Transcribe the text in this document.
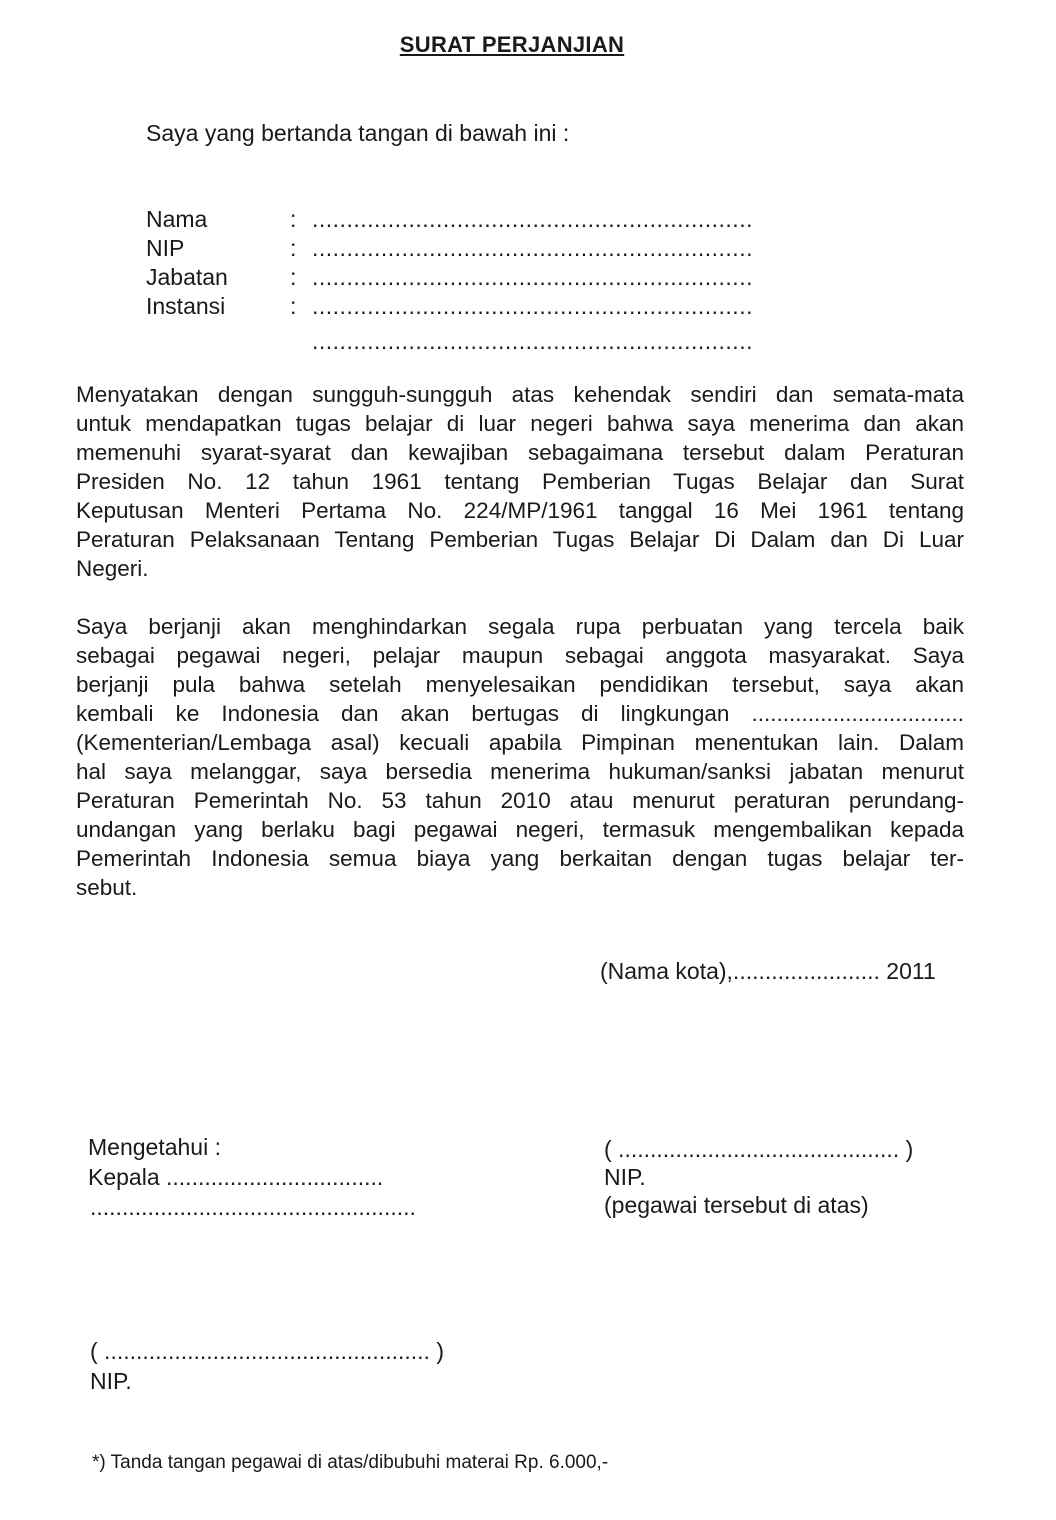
SURAT PERJANJIAN
Saya yang bertanda tangan di bawah ini :
Nama	: ................................................................
NIP	: ................................................................
Jabatan	: ................................................................
Instansi	: ................................................................
................................................................
Menyatakan dengan sungguh-sungguh atas kehendak sendiri dan semata-mata
untuk mendapatkan tugas belajar di luar negeri bahwa saya menerima dan akan
memenuhi syarat-syarat dan kewajiban sebagaimana tersebut dalam Peraturan
Presiden No. 12 tahun 1961 tentang Pemberian Tugas Belajar dan Surat
Keputusan Menteri Pertama No. 224/MP/1961 tanggal 16 Mei 1961 tentang
Peraturan Pelaksanaan Tentang Pemberian Tugas Belajar Di Dalam dan Di Luar
Negeri.
Saya berjanji akan menghindarkan segala rupa perbuatan yang tercela baik
sebagai pegawai negeri, pelajar maupun sebagai anggota masyarakat. Saya
berjanji pula bahwa setelah menyelesaikan pendidikan tersebut, saya akan
kembali ke Indonesia dan akan bertugas di lingkungan ..................................
(Kementerian/Lembaga asal) kecuali apabila Pimpinan menentukan lain. Dalam
hal saya melanggar, saya bersedia menerima hukuman/sanksi jabatan menurut
Peraturan Pemerintah No. 53 tahun 2010 atau menurut peraturan perundang-
undangan yang berlaku bagi pegawai negeri, termasuk mengembalikan kepada
Pemerintah Indonesia semua biaya yang berkaitan dengan tugas belajar ter-
sebut.
(Nama kota),....................... 2011
Mengetahui :
Kepala ..................................
...................................................
( ............................................ )
NIP.
(pegawai tersebut di atas)
( ................................................... )
NIP.
*) Tanda tangan pegawai di atas/dibubuhi materai Rp. 6.000,-
